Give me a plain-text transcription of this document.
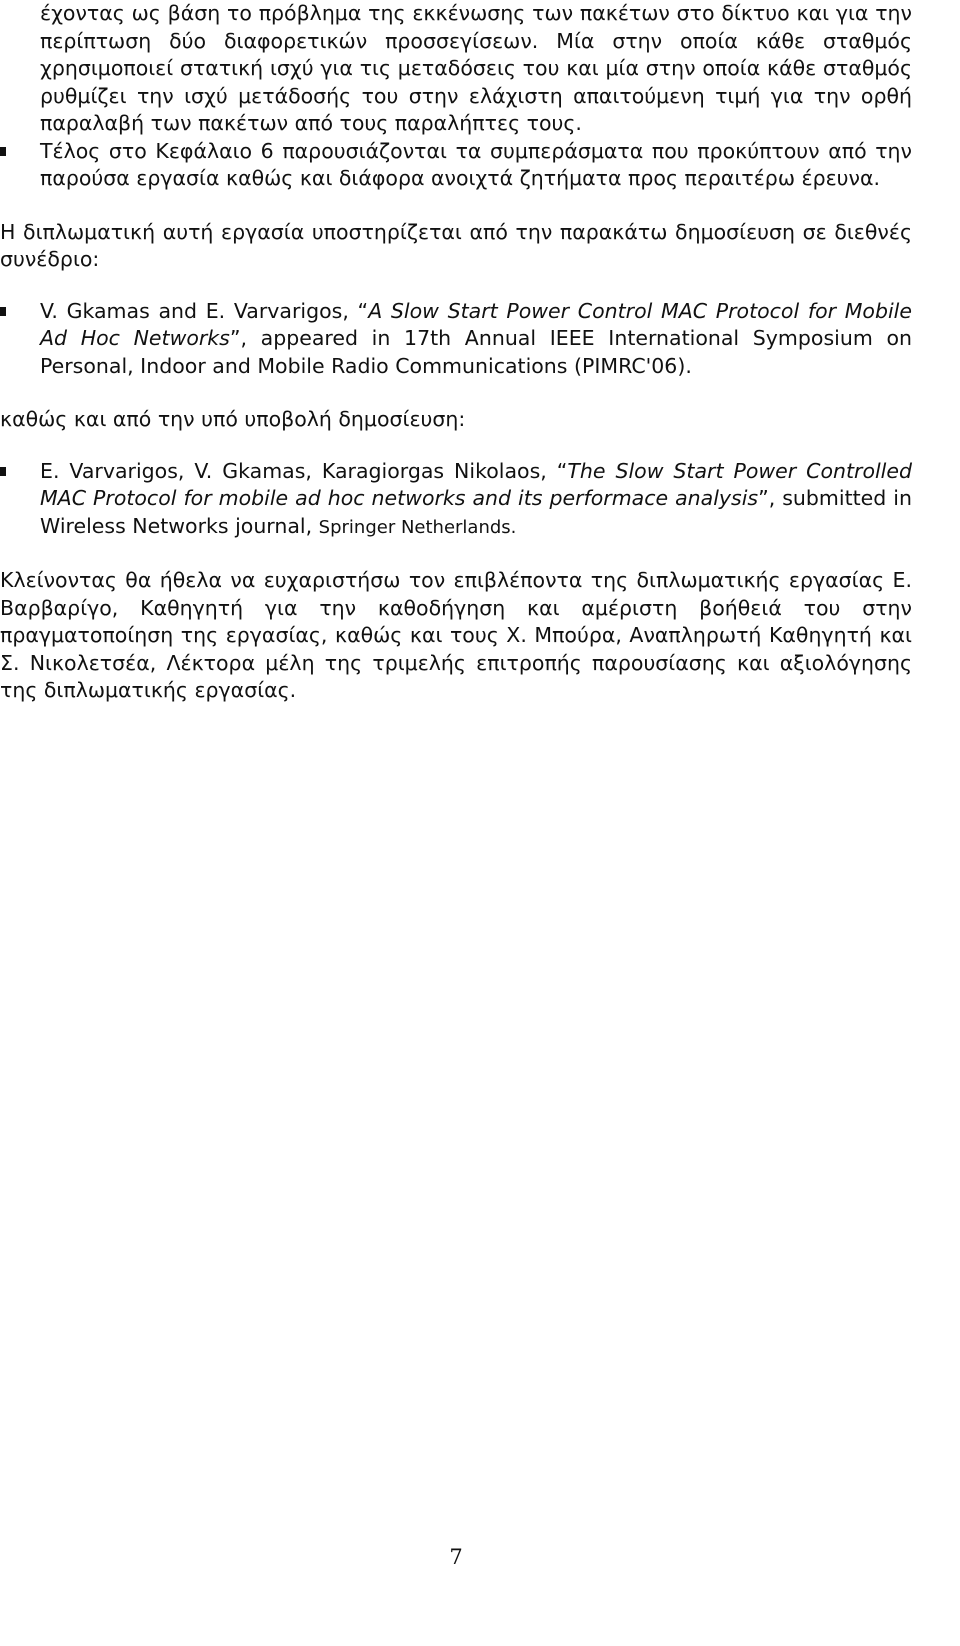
έχοντας ως βάση το πρόβλημα της εκκένωσης των πακέτων στο δίκτυο και για την περίπτωση δύο διαφορετικών προσσεγίσεων. Μία στην οποία κάθε σταθμός χρησιμοποιεί στατική ισχύ για τις μεταδόσεις του και μία στην οποία κάθε σταθμός ρυθμίζει την ισχύ μετάδοσής του στην ελάχιστη απαιτούμενη τιμή για την ορθή παραλαβή των πακέτων από τους παραλήπτες τους.

Τέλος στο Κεφάλαιο 6 παρουσιάζονται τα συμπεράσματα που προκύπτουν από την παρούσα εργασία καθώς και διάφορα ανοιχτά ζητήματα προς περαιτέρω έρευνα.

Η διπλωματική αυτή εργασία υποστηρίζεται από την παρακάτω δημοσίευση σε διεθνές συνέδριο:

V. Gkamas and E. Varvarigos, “A Slow Start Power Control MAC Protocol for Mobile Ad Hoc Networks”, appeared in 17th Annual IEEE International Symposium on Personal, Indoor and Mobile Radio Communications (PIMRC'06).

καθώς και από την υπό υποβολή δημοσίευση:

E. Varvarigos, V. Gkamas, Karagiorgas Nikolaos, “The Slow Start Power Controlled MAC Protocol for mobile ad hoc networks and its performace analysis”, submitted in Wireless Networks journal, Springer Netherlands.

Κλείνοντας θα ήθελα να ευχαριστήσω τον επιβλέποντα της διπλωματικής εργασίας Ε. Βαρβαρίγο, Καθηγητή για την καθοδήγηση και αμέριστη βοήθειά του στην πραγματοποίηση της εργασίας, καθώς και τους Χ. Μπούρα, Αναπληρωτή Καθηγητή και Σ. Νικολετσέα, Λέκτορα μέλη της τριμελής επιτροπής παρουσίασης και αξιολόγησης της διπλωματικής εργασίας.

7
